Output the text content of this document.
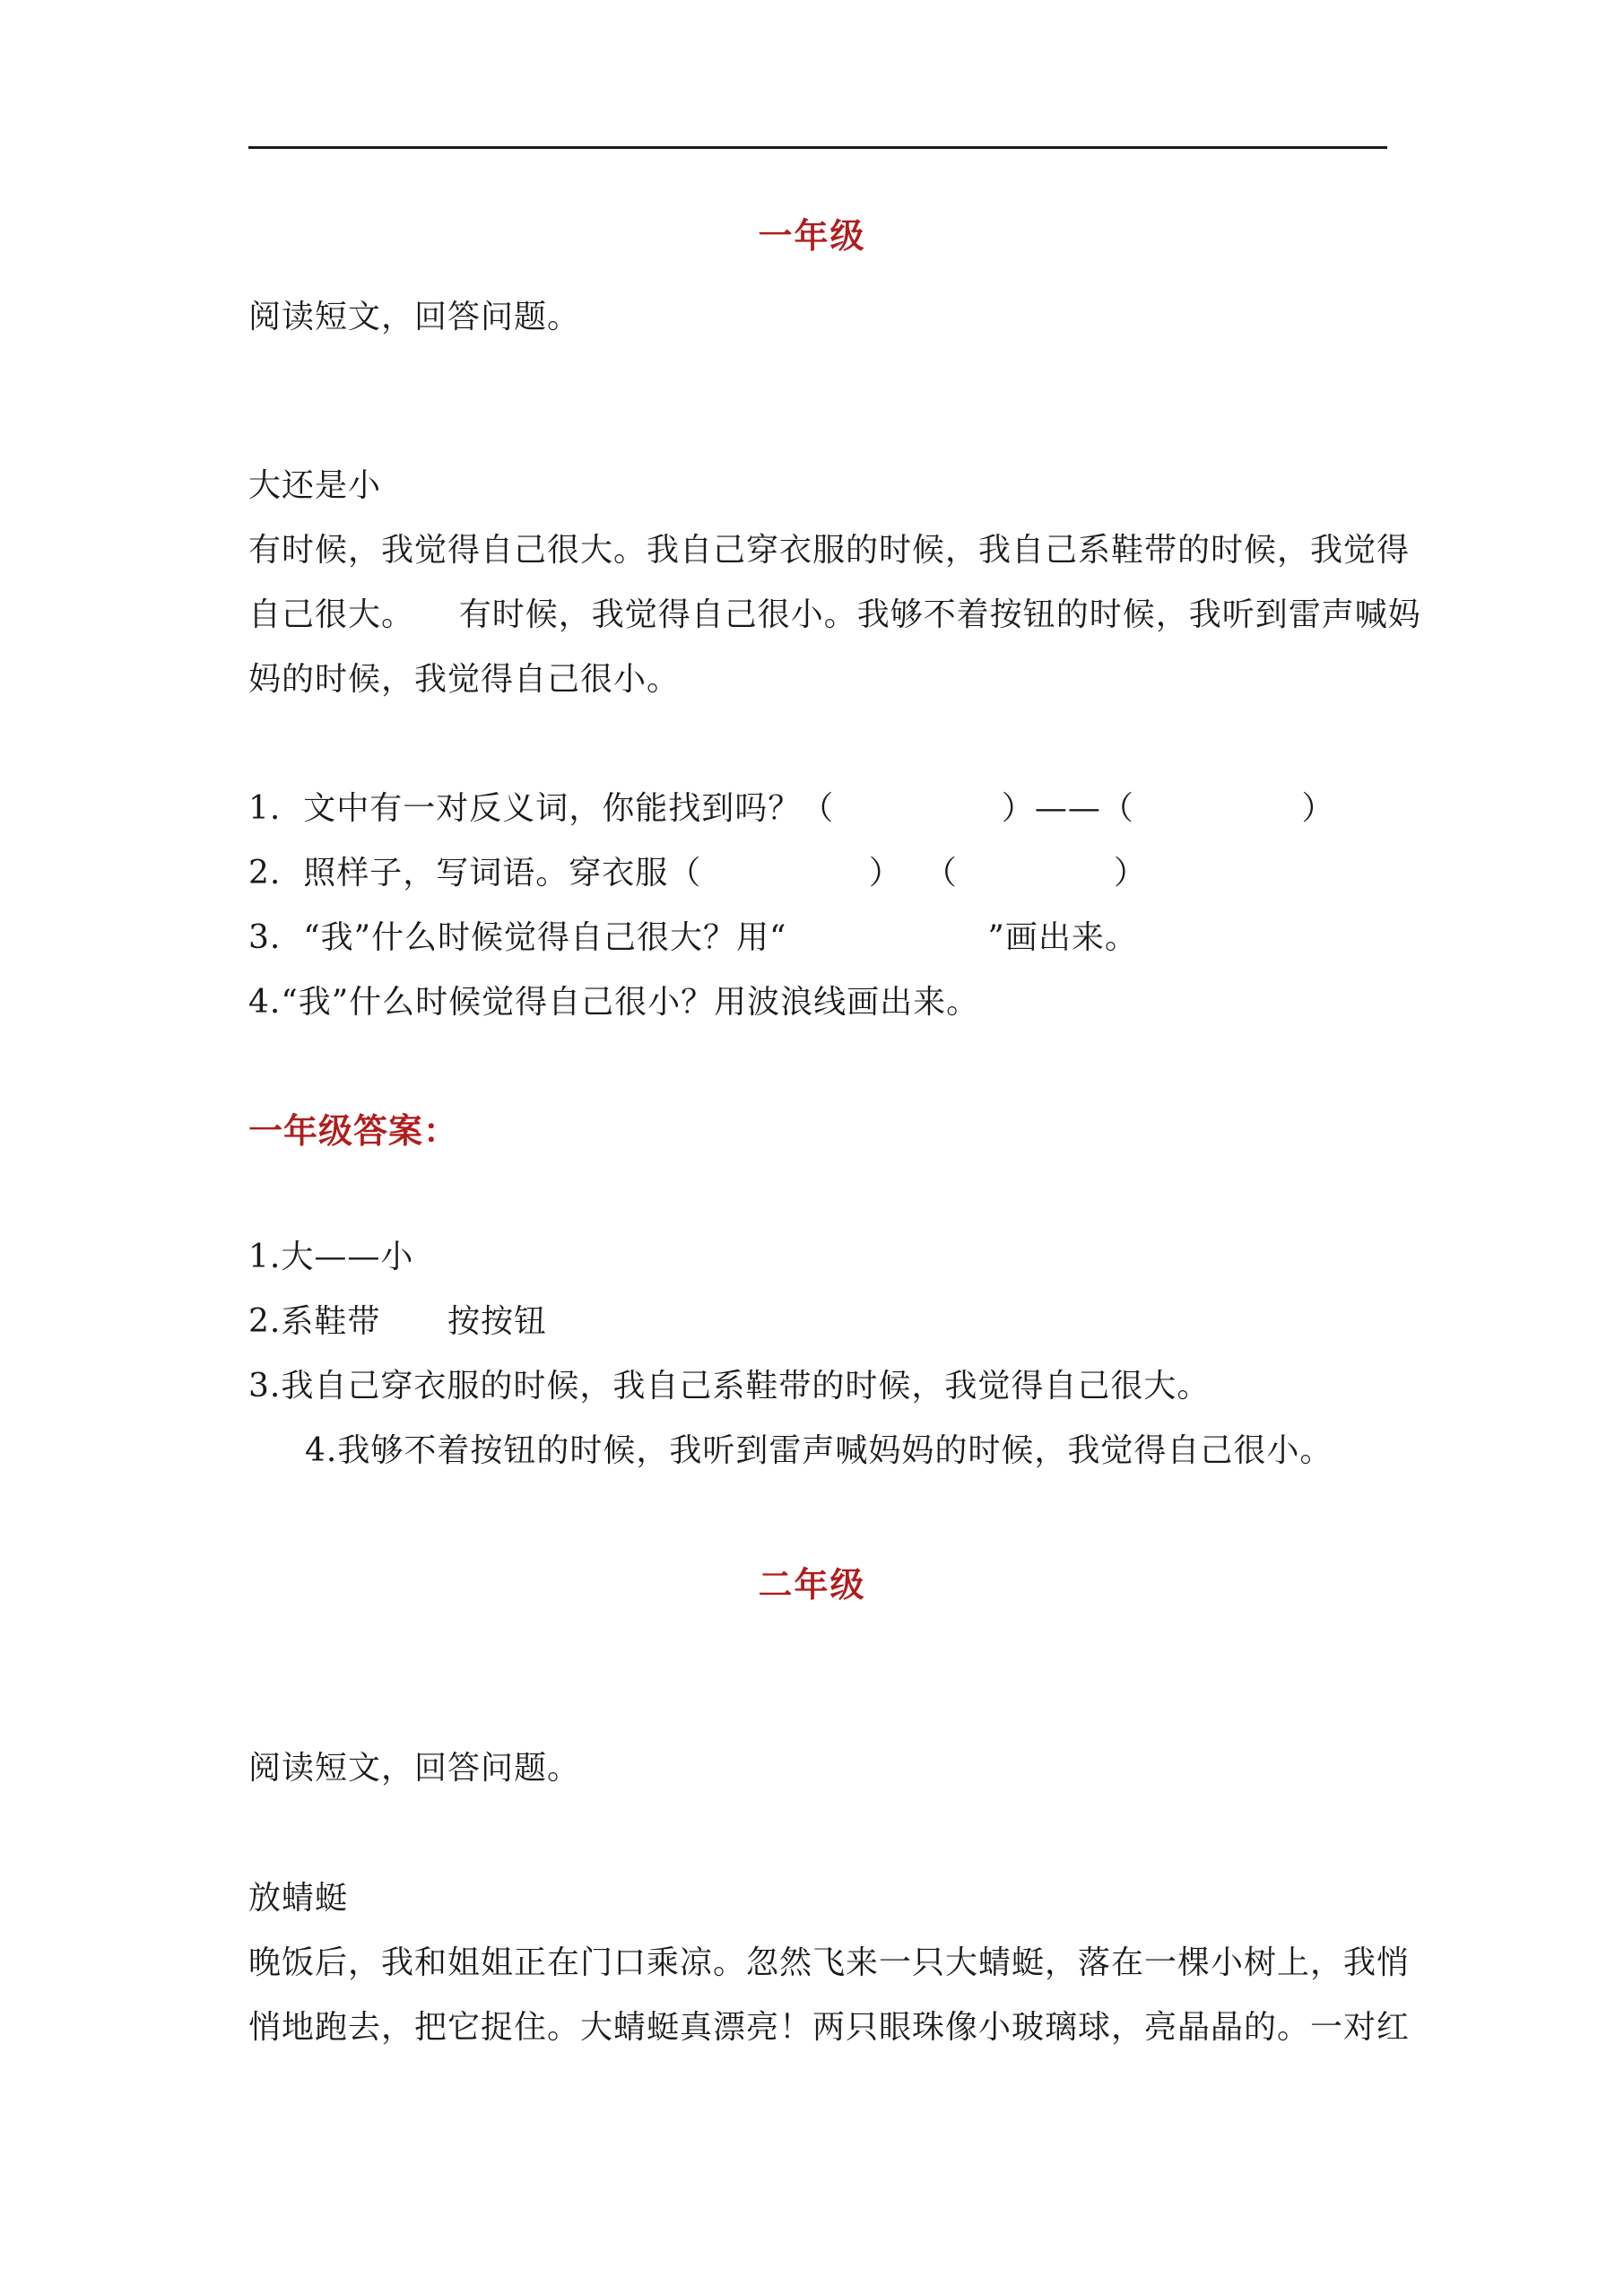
一年级
阅读短文，回答问题。
大还是小
有时候，我觉得自己很大。我自己穿衣服的时候，我自己系鞋带的时候，我觉得
自己很大。    有时候，我觉得自己很小。我够不着按钮的时候，我听到雷声喊妈
妈的时候，我觉得自己很小。
1.  文中有一对反义词，你能找到吗？（               ）——（               ）
2.  照样子，写词语。穿衣服（               ）  （              ）
3.  “我”什么时候觉得自己很大？用“                  ”画出来。
4.“我”什么时候觉得自己很小？用波浪线画出来。
一年级答案：
1.大——小
2.系鞋带      按按钮
3.我自己穿衣服的时候，我自己系鞋带的时候，我觉得自己很大。
4.我够不着按钮的时候，我听到雷声喊妈妈的时候，我觉得自己很小。
二年级
阅读短文，回答问题。
放蜻蜓
晚饭后，我和姐姐正在门口乘凉。忽然飞来一只大蜻蜓，落在一棵小树上，我悄
悄地跑去，把它捉住。大蜻蜓真漂亮！两只眼珠像小玻璃球，亮晶晶的。一对红
